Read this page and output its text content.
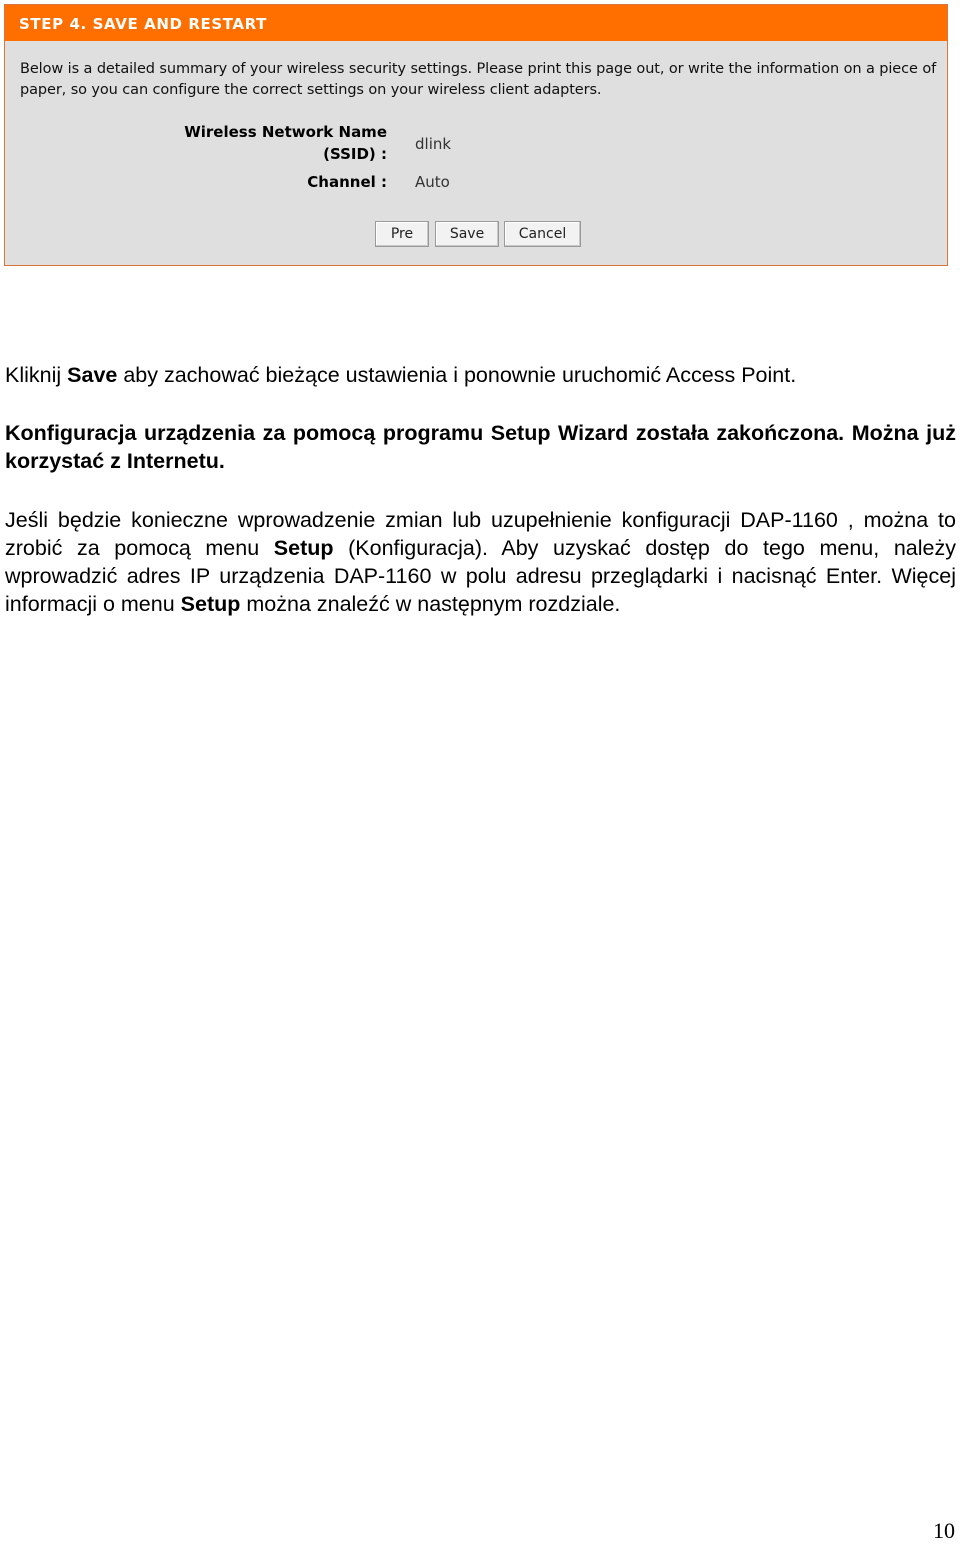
STEP 4. SAVE AND RESTART
Below is a detailed summary of your wireless security settings. Please print this page out, or write the information on a piece of paper, so you can configure the correct settings on your wireless client adapters.
Wireless Network Name
(SSID) :
dlink
Channel : Auto
Pre	Save	Cancel
Kliknij Save aby zachować bieżące ustawienia i ponownie uruchomić Access Point.
Konfiguracja urządzenia za pomocą programu Setup Wizard została zakończona. Można już korzystać z Internetu.
Jeśli będzie konieczne wprowadzenie zmian lub uzupełnienie konfiguracji DAP-1160 , można to zrobić za pomocą menu Setup (Konfiguracja). Aby uzyskać dostęp do tego menu, należy wprowadzić adres IP urządzenia DAP-1160 w polu adresu przeglądarki i nacisnąć Enter. Więcej informacji o menu Setup można znaleźć w następnym rozdziale.
10
